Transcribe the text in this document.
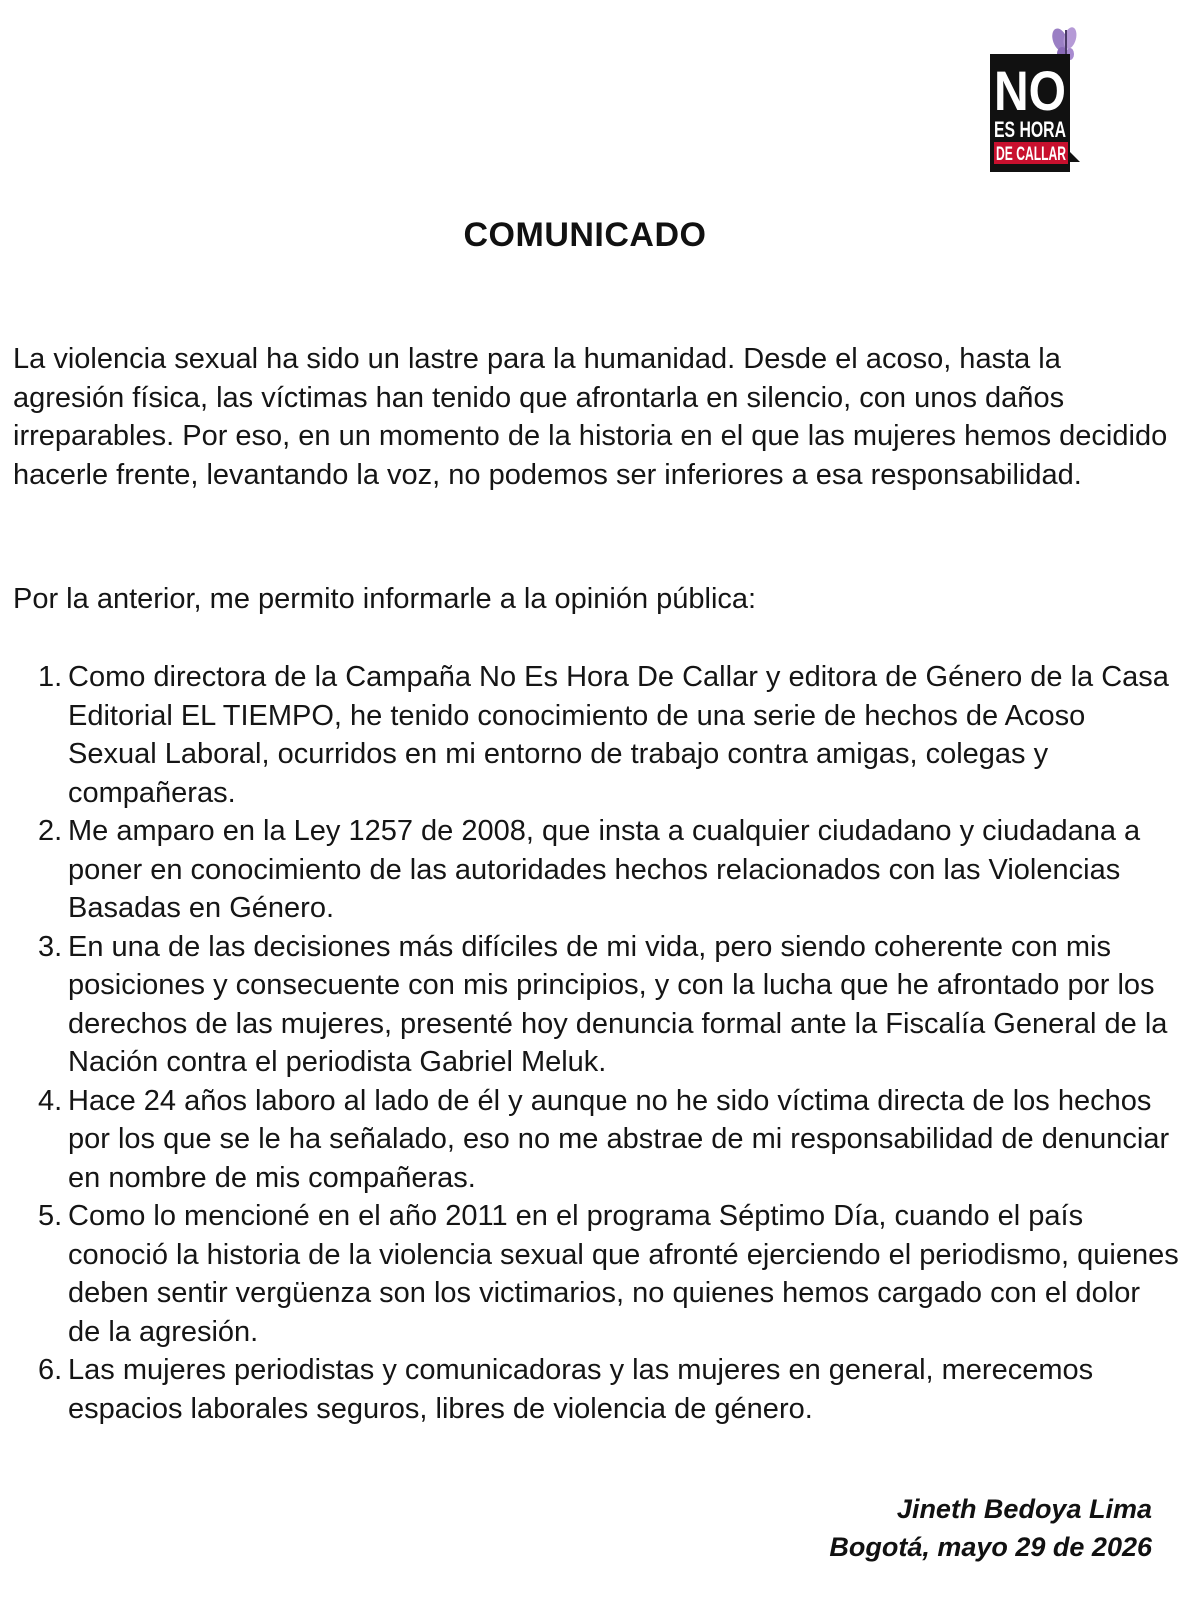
NO
ES HORA
DE CALLAR
COMUNICADO

La violencia sexual ha sido un lastre para la humanidad. Desde el acoso, hasta la agresión física, las víctimas han tenido que afrontarla en silencio, con unos daños irreparables. Por eso, en un momento de la historia en el que las mujeres hemos decidido hacerle frente, levantando la voz, no podemos ser inferiores a esa responsabilidad.

Por la anterior, me permito informarle a la opinión pública:

1. Como directora de la Campaña No Es Hora De Callar y editora de Género de la Casa Editorial EL TIEMPO, he tenido conocimiento de una serie de hechos de Acoso Sexual Laboral, ocurridos en mi entorno de trabajo contra amigas, colegas y compañeras.
2. Me amparo en la Ley 1257 de 2008, que insta a cualquier ciudadano y ciudadana a poner en conocimiento de las autoridades hechos relacionados con las Violencias Basadas en Género.
3. En una de las decisiones más difíciles de mi vida, pero siendo coherente con mis posiciones y consecuente con mis principios, y con la lucha que he afrontado por los derechos de las mujeres, presenté hoy denuncia formal ante la Fiscalía General de la Nación contra el periodista Gabriel Meluk.
4. Hace 24 años laboro al lado de él y aunque no he sido víctima directa de los hechos por los que se le ha señalado, eso no me abstrae de mi responsabilidad de denunciar en nombre de mis compañeras.
5. Como lo mencioné en el año 2011 en el programa Séptimo Día, cuando el país conoció la historia de la violencia sexual que afronté ejerciendo el periodismo, quienes deben sentir vergüenza son los victimarios, no quienes hemos cargado con el dolor de la agresión.
6. Las mujeres periodistas y comunicadoras y las mujeres en general, merecemos espacios laborales seguros, libres de violencia de género.
Jineth Bedoya Lima
Bogotá, mayo 29 de 2026
